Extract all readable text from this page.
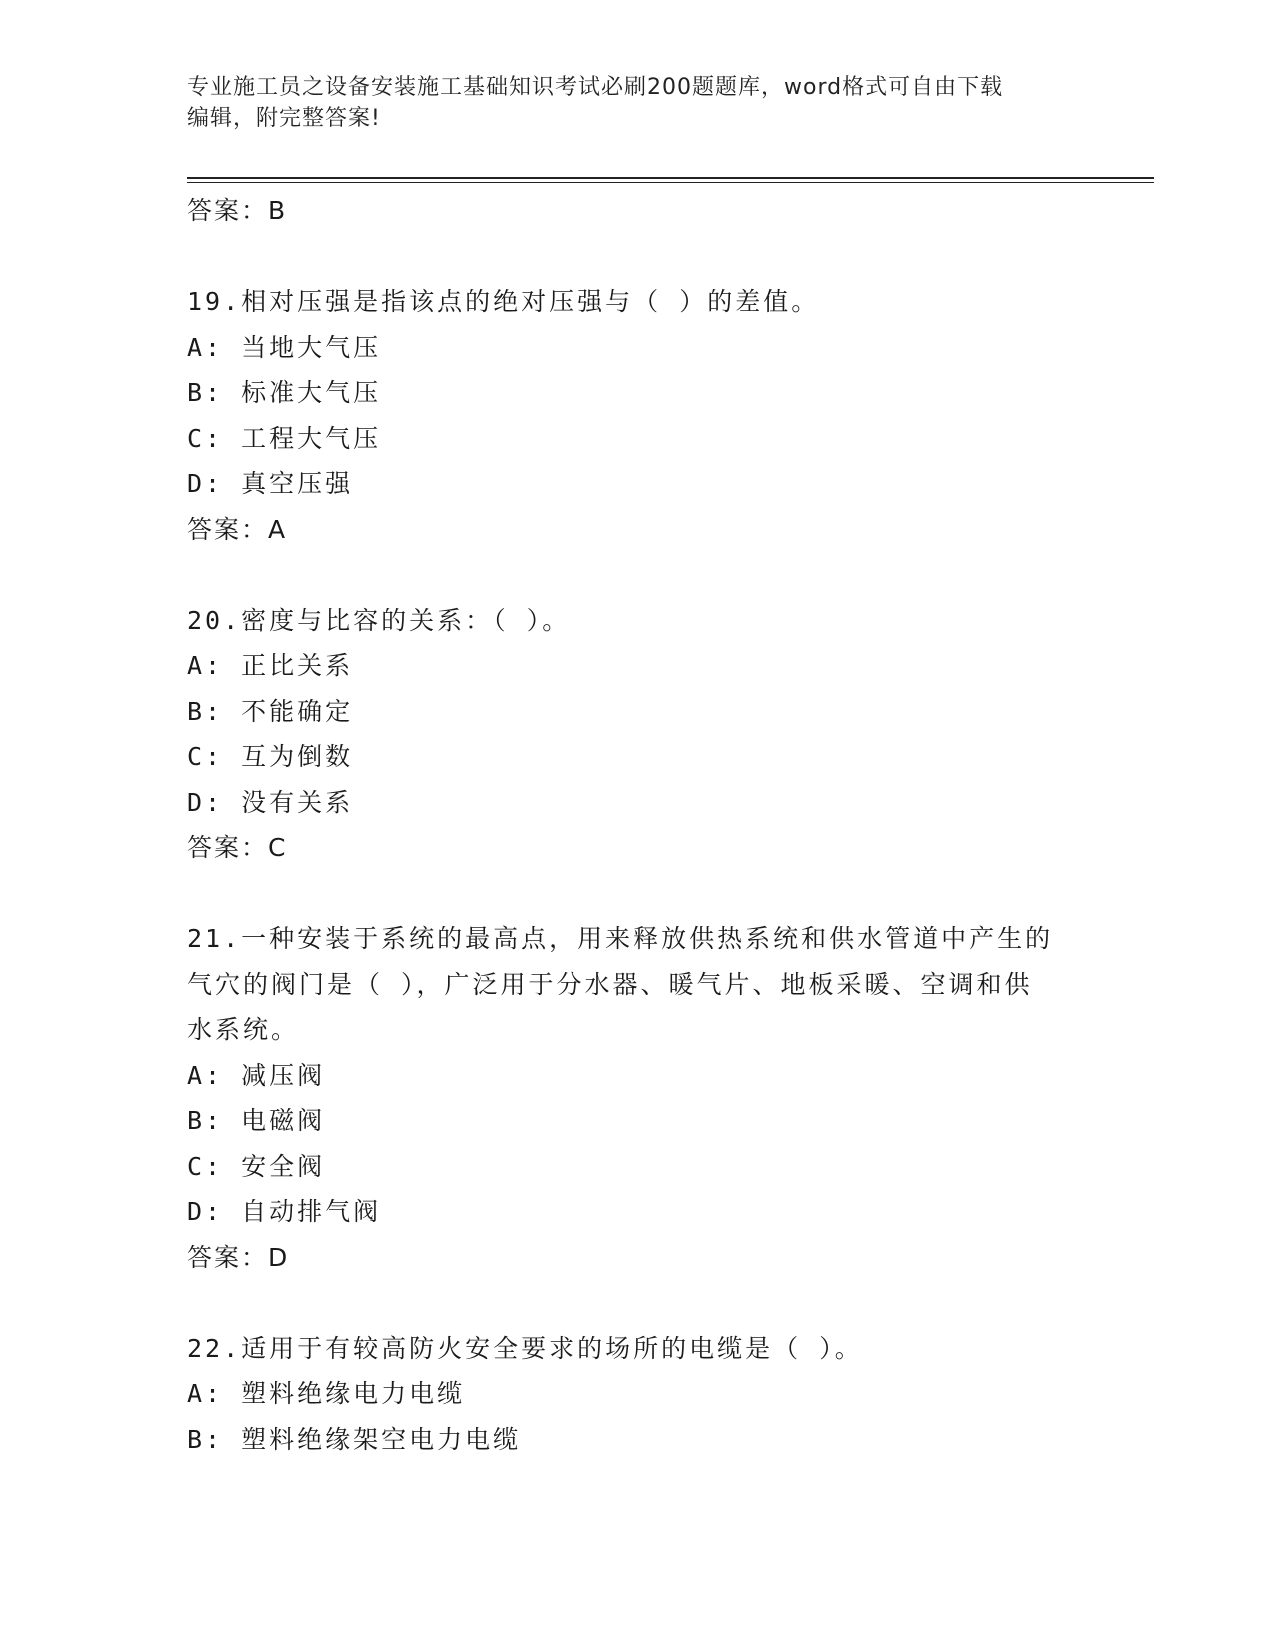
专业施工员之设备安装施工基础知识考试必刷200题题库，word格式可自由下载
编辑，附完整答案!
答案：B
19.相对压强是指该点的绝对压强与（ ）的差值。
A: 当地大气压
B: 标准大气压
C: 工程大气压
D: 真空压强
答案：A
20.密度与比容的关系：（ ）。
A: 正比关系
B: 不能确定
C: 互为倒数
D: 没有关系
答案：C
21.一种安装于系统的最高点，用来释放供热系统和供水管道中产生的
气穴的阀门是（ ），广泛用于分水器、暖气片、地板采暖、空调和供
水系统。
A: 减压阀
B: 电磁阀
C: 安全阀
D: 自动排气阀
答案：D
22.适用于有较高防火安全要求的场所的电缆是（ ）。
A: 塑料绝缘电力电缆
B: 塑料绝缘架空电力电缆
